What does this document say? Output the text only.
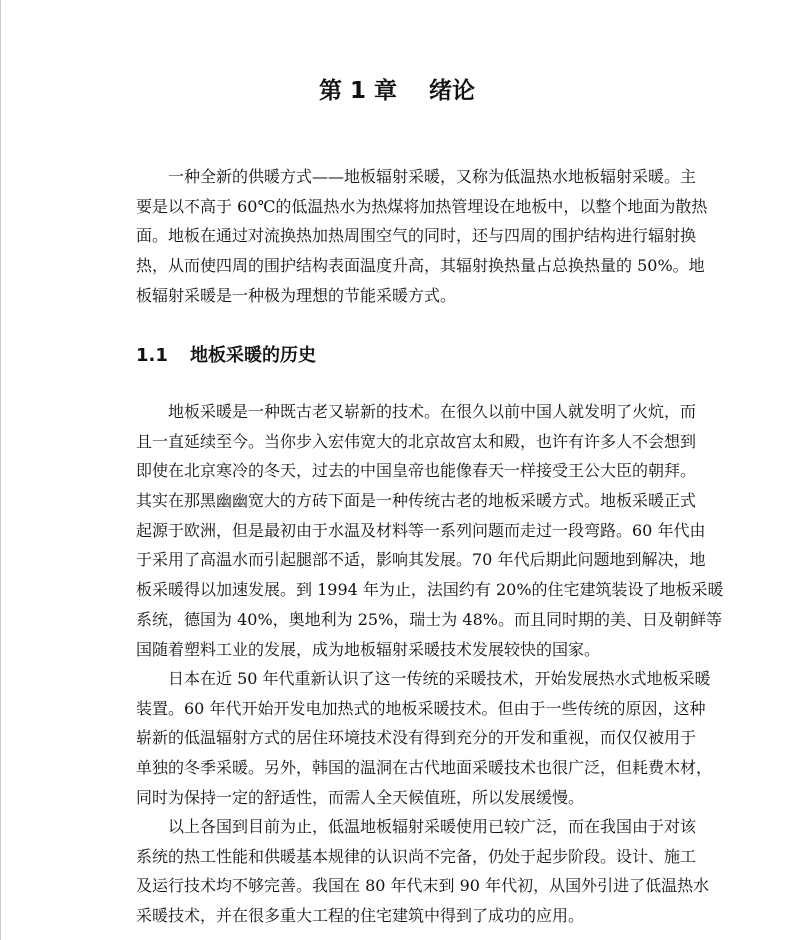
第 1 章 绪论
一种全新的供暖方式——地板辐射采暖，又称为低温热水地板辐射采暖。主
要是以不高于 60℃的低温热水为热煤将加热管埋设在地板中，以整个地面为散热
面。地板在通过对流换热加热周围空气的同时，还与四周的围护结构进行辐射换
热，从而使四周的围护结构表面温度升高，其辐射换热量占总换热量的 50%。地
板辐射采暖是一种极为理想的节能采暖方式。
1.1 地板采暖的历史
地板采暖是一种既古老又崭新的技术。在很久以前中国人就发明了火炕，而
且一直延续至今。当你步入宏伟宽大的北京故宫太和殿，也许有许多人不会想到
即使在北京寒冷的冬天，过去的中国皇帝也能像春天一样接受王公大臣的朝拜。
其实在那黑幽幽宽大的方砖下面是一种传统古老的地板采暖方式。地板采暖正式
起源于欧洲，但是最初由于水温及材料等一系列问题而走过一段弯路。60 年代由
于采用了高温水而引起腿部不适，影响其发展。70 年代后期此问题地到解决，地
板采暖得以加速发展。到 1994 年为止，法国约有 20%的住宅建筑装设了地板采暖
系统，德国为 40%，奥地利为 25%，瑞士为 48%。而且同时期的美、日及朝鲜等
国随着塑料工业的发展，成为地板辐射采暖技术发展较快的国家。
日本在近 50 年代重新认识了这一传统的采暖技术，开始发展热水式地板采暖
装置。60 年代开始开发电加热式的地板采暖技术。但由于一些传统的原因，这种
崭新的低温辐射方式的居住环境技术没有得到充分的开发和重视，而仅仅被用于
单独的冬季采暖。另外，韩国的温洞在古代地面采暖技术也很广泛，但耗费木材，
同时为保持一定的舒适性，而需人全天候值班，所以发展缓慢。
以上各国到目前为止，低温地板辐射采暖使用已较广泛，而在我国由于对该
系统的热工性能和供暖基本规律的认识尚不完备，仍处于起步阶段。设计、施工
及运行技术均不够完善。我国在 80 年代末到 90 年代初，从国外引进了低温热水
采暖技术，并在很多重大工程的住宅建筑中得到了成功的应用。
